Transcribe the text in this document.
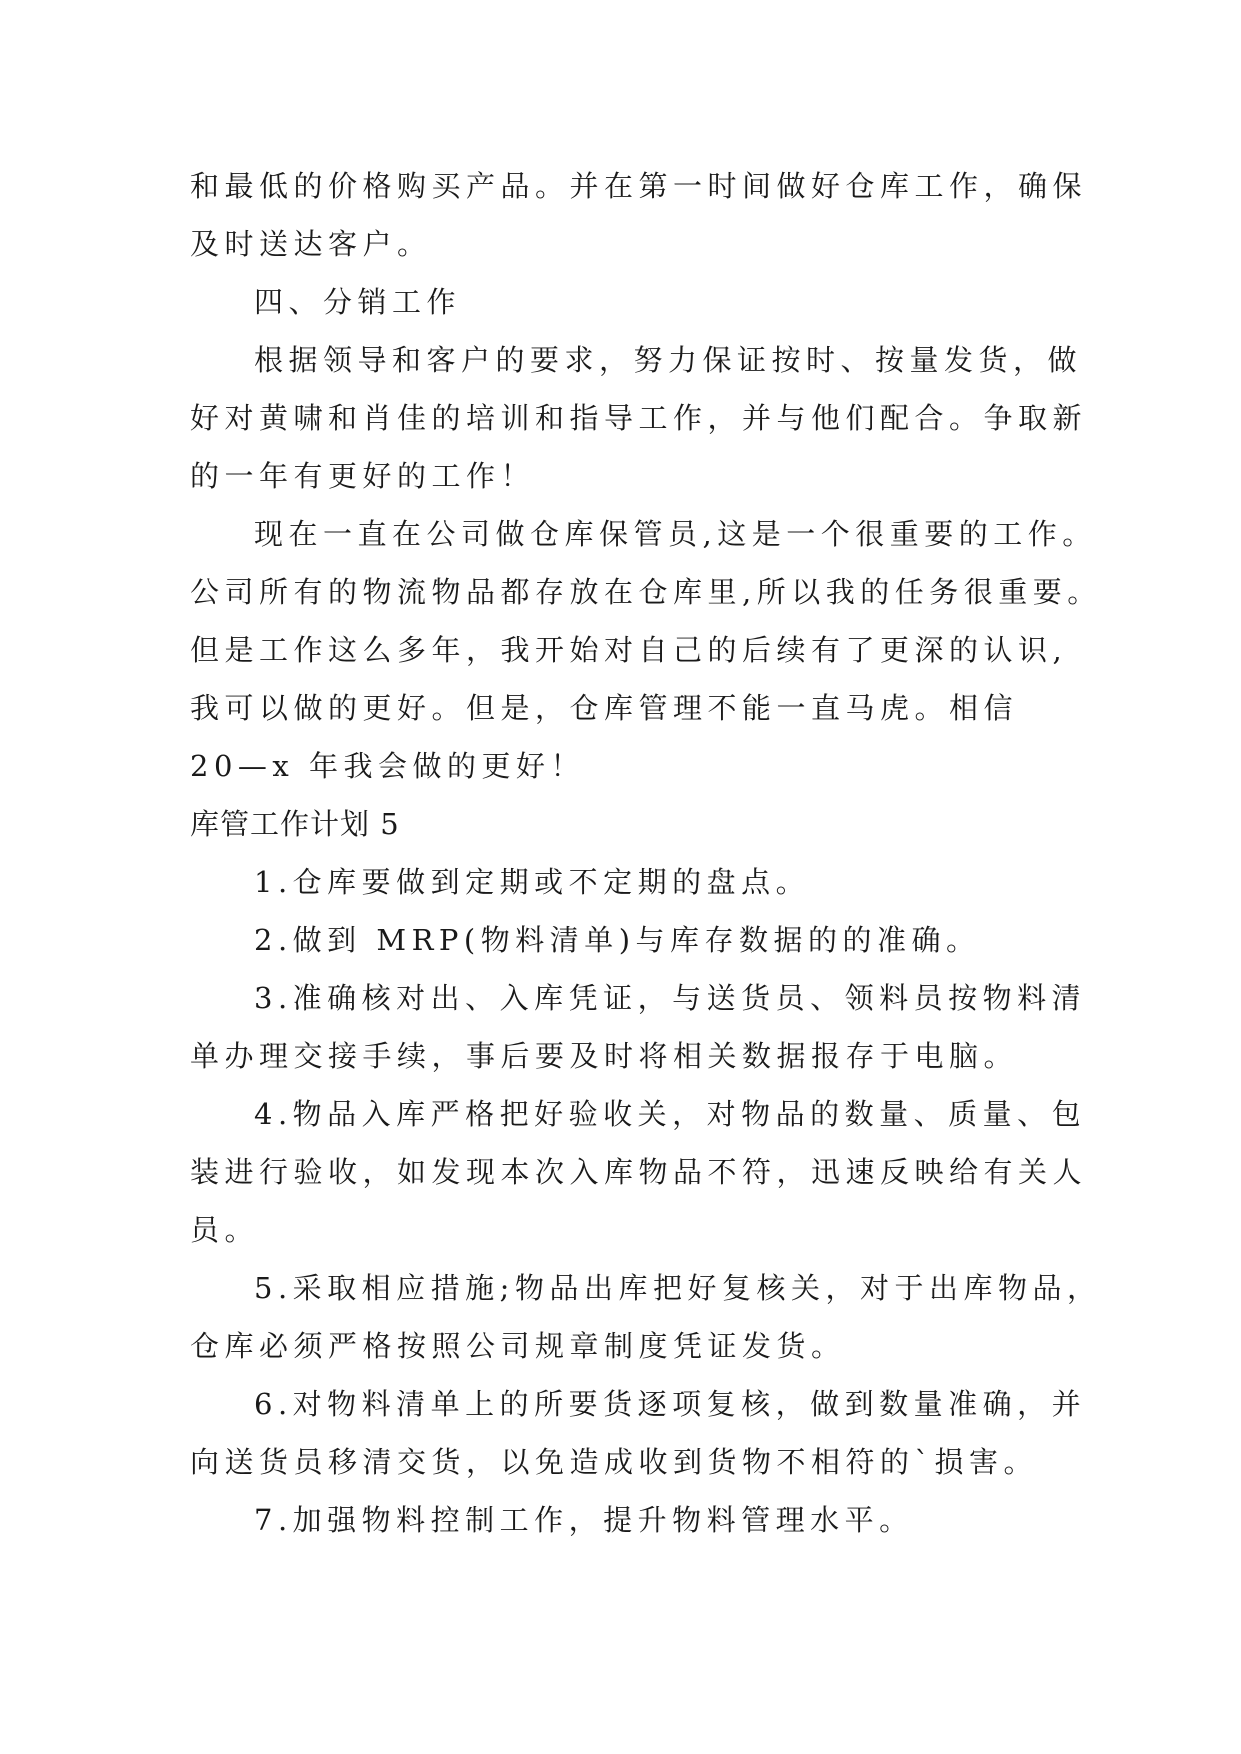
和最低的价格购买产品。并在第一时间做好仓库工作，确保
及时送达客户。
四、分销工作
根据领导和客户的要求，努力保证按时、按量发货，做
好对黄啸和肖佳的培训和指导工作，并与他们配合。争取新
的一年有更好的工作！
现在一直在公司做仓库保管员,这是一个很重要的工作。
公司所有的物流物品都存放在仓库里,所以我的任务很重要。
但是工作这么多年，我开始对自己的后续有了更深的认识,
我可以做的更好。但是，仓库管理不能一直马虎。相信
20—x 年我会做的更好！
库管工作计划 5
1.仓库要做到定期或不定期的盘点。
2.做到 MRP(物料清单)与库存数据的的准确。
3.准确核对出、入库凭证，与送货员、领料员按物料清
单办理交接手续，事后要及时将相关数据报存于电脑。
4.物品入库严格把好验收关，对物品的数量、质量、包
装进行验收，如发现本次入库物品不符，迅速反映给有关人
员。
5.采取相应措施;物品出库把好复核关，对于出库物品，
仓库必须严格按照公司规章制度凭证发货。
6.对物料清单上的所要货逐项复核，做到数量准确，并
向送货员移清交货，以免造成收到货物不相符的`损害。
7.加强物料控制工作，提升物料管理水平。
